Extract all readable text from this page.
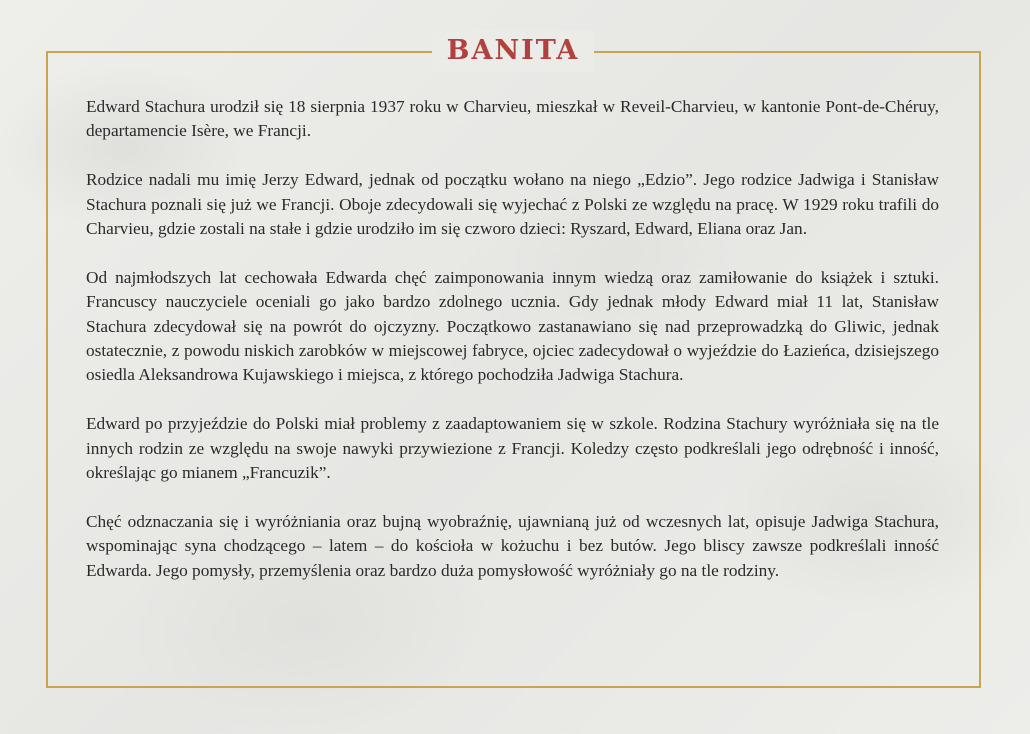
BANITA

Edward Stachura urodził się 18 sierpnia 1937 roku w Charvieu, mieszkał w Reveil-Charvieu, w kantonie Pont-de-Chéruy, departamencie Isère, we Francji.

Rodzice nadali mu imię Jerzy Edward, jednak od początku wołano na niego „Edzio”. Jego rodzice Jadwiga i Stanisław Stachura poznali się już we Francji. Oboje zdecydowali się wyjechać z Polski ze względu na pracę. W 1929 roku trafili do Charvieu, gdzie zostali na stałe i gdzie urodziło im się czworo dzieci: Ryszard, Edward, Eliana oraz Jan.

Od najmłodszych lat cechowała Edwarda chęć zaimponowania innym wiedzą oraz zamiłowanie do książek i sztuki. Francuscy nauczyciele oceniali go jako bardzo zdolnego ucznia. Gdy jednak młody Edward miał 11 lat, Stanisław Stachura zdecydował się na powrót do ojczyzny. Początkowo zastanawiano się nad przeprowadzką do Gliwic, jednak ostatecznie, z powodu niskich zarobków w miejscowej fabryce, ojciec zadecydował o wyjeździe do Łazieńca, dzisiejszego osiedla Aleksandrowa Kujawskiego i miejsca, z którego pochodziła Jadwiga Stachura.

Edward po przyjeździe do Polski miał problemy z zaadaptowaniem się w szkole. Rodzina Stachury wyróżniała się na tle innych rodzin ze względu na swoje nawyki przywiezione z Francji. Koledzy często podkreślali jego odrębność i inność, określając go mianem „Francuzik”.

Chęć odznaczania się i wyróżniania oraz bujną wyobraźnię, ujawnianą już od wczesnych lat, opisuje Jadwiga Stachura, wspominając syna chodzącego – latem – do kościoła w kożuchu i bez butów. Jego bliscy zawsze podkreślali inność Edwarda. Jego pomysły, przemyślenia oraz bardzo duża pomysłowość wyróżniały go na tle rodziny.
